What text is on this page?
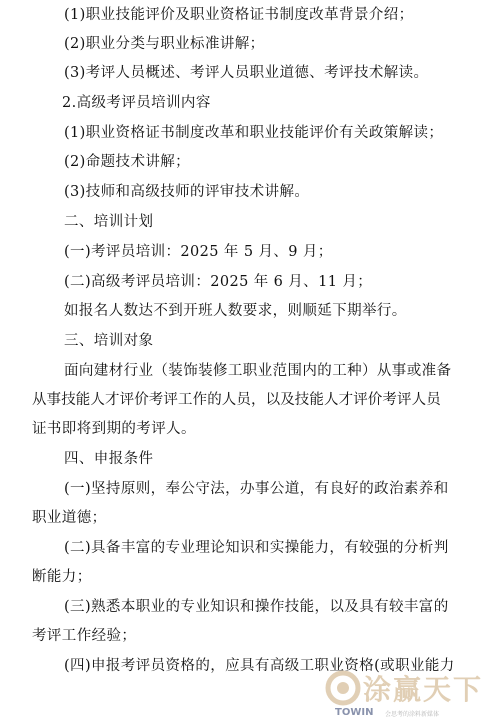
(1)职业技能评价及职业资格证书制度改革背景介绍；
(2)职业分类与职业标准讲解；
(3)考评人员概述、考评人员职业道德、考评技术解读。
2.高级考评员培训内容
(1)职业资格证书制度改革和职业技能评价有关政策解读；
(2)命题技术讲解；
(3)技师和高级技师的评审技术讲解。
二、培训计划
(一)考评员培训：2025 年 5 月、9 月；
(二)高级考评员培训：2025 年 6 月、11 月；
如报名人数达不到开班人数要求，则顺延下期举行。
三、培训对象
面向建材行业（装饰装修工职业范围内的工种）从事或准备
从事技能人才评价考评工作的人员，以及技能人才评价考评人员
证书即将到期的考评人。
四、申报条件
(一)坚持原则，奉公守法，办事公道，有良好的政治素养和
职业道德；
(二)具备丰富的专业理论知识和实操能力，有较强的分析判
断能力；
(三)熟悉本职业的专业知识和操作技能，以及具有较丰富的
考评工作经验；
(四)申报考评员资格的，应具有高级工职业资格(或职业能力
涂赢天下
TOWIN 会思考的涂料新媒体
